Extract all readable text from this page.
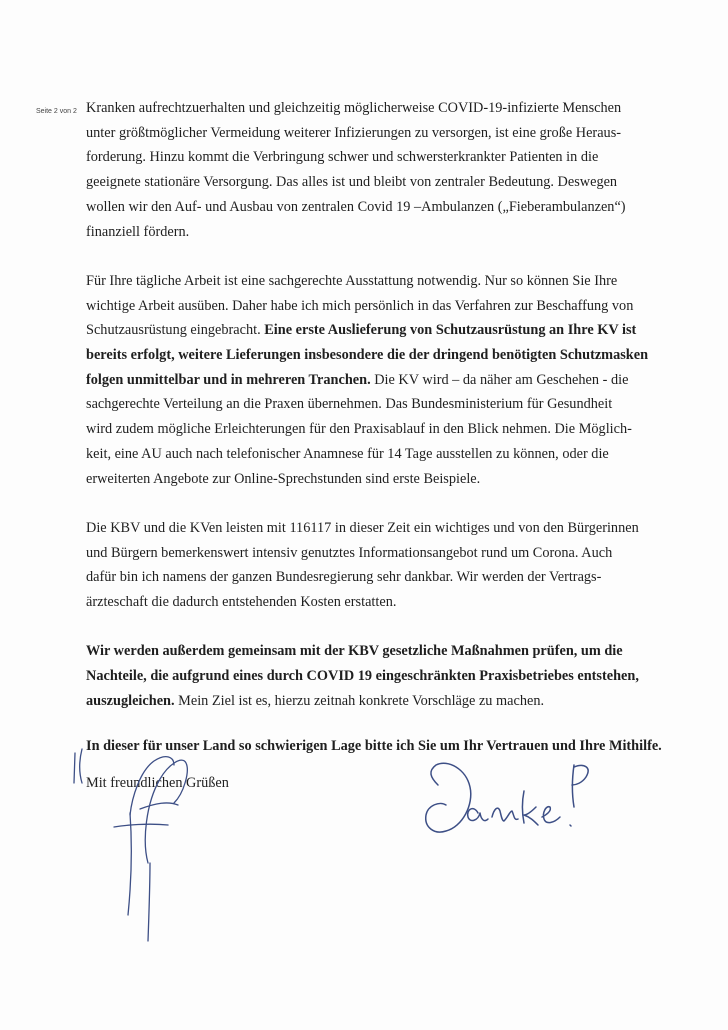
Seite 2 von 2 Kranken aufrechtzuerhalten und gleichzeitig möglicherweise COVID-19-infizierte Menschen
unter größtmöglicher Vermeidung weiterer Infizierungen zu versorgen, ist eine große Heraus-
forderung. Hinzu kommt die Verbringung schwer und schwersterkrankter Patienten in die
geeignete stationäre Versorgung. Das alles ist und bleibt von zentraler Bedeutung. Deswegen
wollen wir den Auf- und Ausbau von zentralen Covid 19 –Ambulanzen („Fieberambulanzen“)
finanziell fördern.
Für Ihre tägliche Arbeit ist eine sachgerechte Ausstattung notwendig. Nur so können Sie Ihre
wichtige Arbeit ausüben. Daher habe ich mich persönlich in das Verfahren zur Beschaffung von
Schutzausrüstung eingebracht. Eine erste Auslieferung von Schutzausrüstung an Ihre KV ist
bereits erfolgt, weitere Lieferungen insbesondere die der dringend benötigten Schutzmasken
folgen unmittelbar und in mehreren Tranchen. Die KV wird – da näher am Geschehen - die
sachgerechte Verteilung an die Praxen übernehmen. Das Bundesministerium für Gesundheit
wird zudem mögliche Erleichterungen für den Praxisablauf in den Blick nehmen. Die Möglich-
keit, eine AU auch nach telefonischer Anamnese für 14 Tage ausstellen zu können, oder die
erweiterten Angebote zur Online-Sprechstunden sind erste Beispiele.
Die KBV und die KVen leisten mit 116117 in dieser Zeit ein wichtiges und von den Bürgerinnen
und Bürgern bemerkenswert intensiv genutztes Informationsangebot rund um Corona. Auch
dafür bin ich namens der ganzen Bundesregierung sehr dankbar. Wir werden der Vertrags-
ärzteschaft die dadurch entstehenden Kosten erstatten.
Wir werden außerdem gemeinsam mit der KBV gesetzliche Maßnahmen prüfen, um die
Nachteile, die aufgrund eines durch COVID 19 eingeschränkten Praxisbetriebes entstehen,
auszugleichen. Mein Ziel ist es, hierzu zeitnah konkrete Vorschläge zu machen.
In dieser für unser Land so schwierigen Lage bitte ich Sie um Ihr Vertrauen und Ihre Mithilfe.
Mit freundlichen Grüßen
